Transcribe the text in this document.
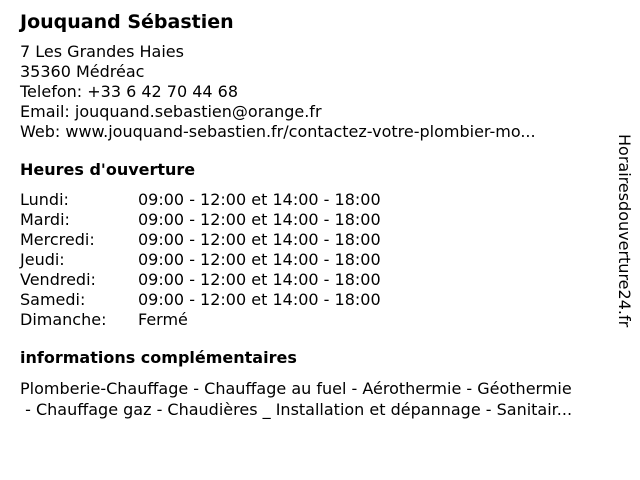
Jouquand Sébastien
7 Les Grandes Haies
35360 Médréac
Telefon: +33 6 42 70 44 68
Email: jouquand.sebastien@orange.fr
Web: www.jouquand-sebastien.fr/contactez-votre-plombier-mo...
Heures d'ouverture
Lundi:	09:00 - 12:00 et 14:00 - 18:00
Mardi:	09:00 - 12:00 et 14:00 - 18:00
Mercredi:	09:00 - 12:00 et 14:00 - 18:00
Jeudi:	09:00 - 12:00 et 14:00 - 18:00
Vendredi:	09:00 - 12:00 et 14:00 - 18:00
Samedi:	09:00 - 12:00 et 14:00 - 18:00
Dimanche: Fermé
informations complémentaires
Plomberie-Chauffage - Chauffage au fuel - Aérothermie - Géothermie
- Chauffage gaz - Chaudières _ Installation et dépannage - Sanitair...
Horairesdouverture24.fr
